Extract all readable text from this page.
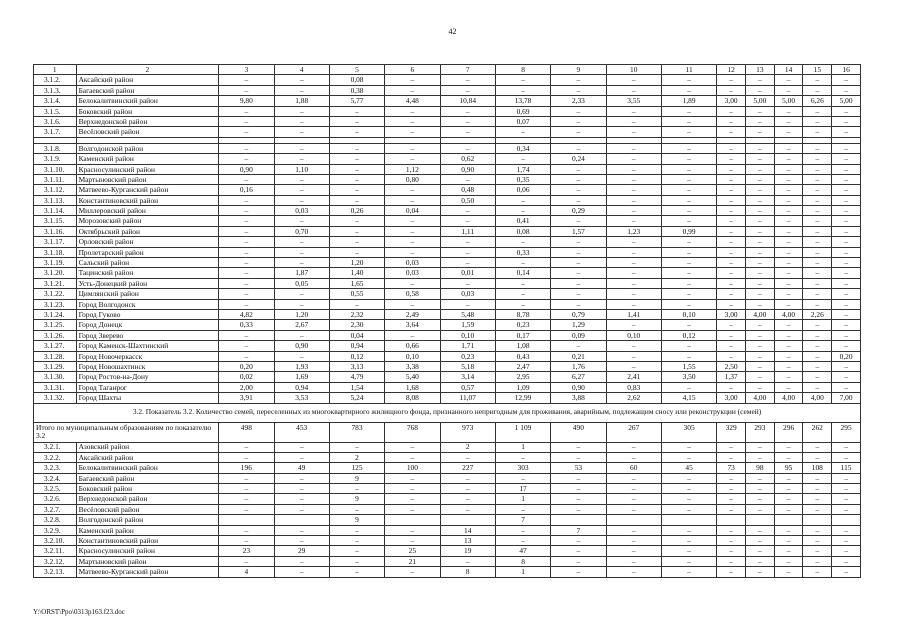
42
1	2	3	4	5	6	7	8	9	10	11	12	13	14	15	16
3.1.2.	Аксайский район	–	–	0,08	–	–	–	–	–	–	–	–	–	–	–
3.1.3.	Багаевский район	–	–	0,38	–	–	–	–	–	–	–	–	–	–	–
3.1.4.	Белокалитвинский район	9,80	1,88	5,77	4,48	10,84	13,78	2,33	3,55	1,89	3,00	5,00	5,00	6,26	5,00
3.1.5.	Боковский район	–	–	–	–	–	0,69	–	–	–	–	–	–	–	–
3.1.6.	Верхнедонской район	–	–	–	–	–	0,07	–	–	–	–	–	–	–	–
3.1.7.	Весёловский район	–	–	–	–	–	–	–	–	–	–	–	–	–	–

3.1.8.	Волгодонской район	–	–	–	–	–	0,34	–	–	–	–	–	–	–	–
3.1.9.	Каменский район	–	–	–	–	0,62	–	0,24	–	–	–	–	–	–	–
3.1.10.	Красносулинский район	0,90	1,10	–	1,12	0,90	1,74	–	–	–	–	–	–	–	–
3.1.11.	Мартыновский район	–	–	–	0,80	–	0,35	–	–	–	–	–	–	–	–
3.1.12.	Матвеево-Курганский район	0,16	–	–	–	0,48	0,06	–	–	–	–	–	–	–	–
3.1.13.	Константиновский район	–	–	–	–	0,50	–	–	–	–	–	–	–	–	–
3.1.14.	Миллеровский район	–	0,03	0,26	0,04	–	–	0,29	–	–	–	–	–	–	–
3.1.15.	Морозовский район	–	–	–	–	–	0,41	–	–	–	–	–	–	–	–
3.1.16.	Октябрьский район	–	0,70	–	–	1,11	0,08	1,57	1,23	0,99	–	–	–	–	–
3.1.17.	Орловский район	–	–	–	–	–	–	–	–	–	–	–	–	–	–
3.1.18.	Пролетарский район	–	–	–	–	–	0,33	–	–	–	–	–	–	–	–
3.1.19.	Сальский район	–	–	1,20	0,03	–	–	–	–	–	–	–	–	–	–
3.1.20.	Тацинский район	–	1,87	1,40	0,03	0,01	0,14	–	–	–	–	–	–	–	–
3.1.21.	Усть-Донецкий район	–	0,05	1,65	–	–	–	–	–	–	–	–	–	–	–
3.1.22.	Цимлянский район	–	–	0,55	0,58	0,03	–	–	–	–	–	–	–	–	–
3.1.23.	Город Волгодонск	–	–	–	–	–	–	–	–	–	–	–	–	–	–
3.1.24.	Город Гуково	4,82	1,20	2,32	2,49	5,48	8,78	0,79	1,41	0,10	3,00	4,00	4,00	2,26	–
3.1.25.	Город Донецк	0,33	2,67	2,30	3,64	1,59	0,23	1,29	–	–	–	–	–	–	–
3.1.26.	Город Зверево	–	–	0,04	–	0,10	0,17	0,09	0,10	0,12	–	–	–	–	–
3.1.27.	Город Каменск-Шахтинский	–	0,90	0,94	0,66	1,71	1,08	–	–	–	–	–	–	–	–
3.1.28.	Город Новочеркасск	–	–	0,12	0,10	0,23	0,43	0,21	–	–	–	–	–	–	0,20
3.1.29.	Город Новошахтинск	0,20	1,93	3,13	3,38	5,18	2,47	1,76	–	1,55	2,50	–	–	–	–
3.1.30.	Город Ростов-на-Дону	0,02	1,69	4,79	5,40	3,14	2,95	6,27	2,41	3,50	1,37	–	–	–	–
3.1.31.	Город Таганрог	2,00	0,94	1,54	1,68	0,57	1,09	0,90	0,83	–	–	–	–	–	–
3.1.32.	Город Шахты	3,91	3,53	5,24	8,08	11,07	12,99	3,88	2,62	4,15	3,00	4,00	4,00	4,00	7,00
3.2. Показатель 3.2. Количество семей, переселенных из многоквартирного жилищного фонда, признанного непригодным для проживания, аварийным, подлежащим сносу или реконструкции (семей)															
Итого по муниципальным образованиям по показателю 3.2		498	453	783	768	973	1 109	490	267	305	329	293	296	262	295
3.2.1.	Азовский район	–	–	–	–	2	1	–	–	–	–	–	–	–	–
3.2.2.	Аксайский район	–	–	2	–	–	–	–	–	–	–	–	–	–	–
3.2.3.	Белокалитвинский район	196	49	125	100	227	303	53	60	45	73	98	95	108	115
3.2.4.	Багаевский район	–	–	9	–	–	–	–	–	–	–	–	–	–	–
3.2.5.	Боковский район	–	–	–	–	–	17	–	–	–	–	–	–	–	–
3.2.6.	Верхнедонской район	–	–	9	–	–	1	–	–	–	–	–	–	–	–
3.2.7.	Весёловский район	–	–	–	–	–	–	–	–	–	–	–	–	–	–
3.2.8.	Волгодонской район			9			7								
3.2.9.	Каменский район	–	–	–	–	14	–	7	–	–	–	–	–	–	–
3.2.10.	Константиновский район	–	–	–	–	13	–	–	–	–	–	–	–	–	–
3.2.11.	Красносулинский район	23	29	–	25	19	47	–	–	–	–	–	–	–	–
3.2.12.	Мартыновский район	–	–	–	21	–	8	–	–	–	–	–	–	–	–
3.2.13.	Матвеево-Курганский район	4	–	–	–	8	1	–	–	–	–	–	–	–	–
Y:\ORST\Ppo\0313p163.f23.doc
